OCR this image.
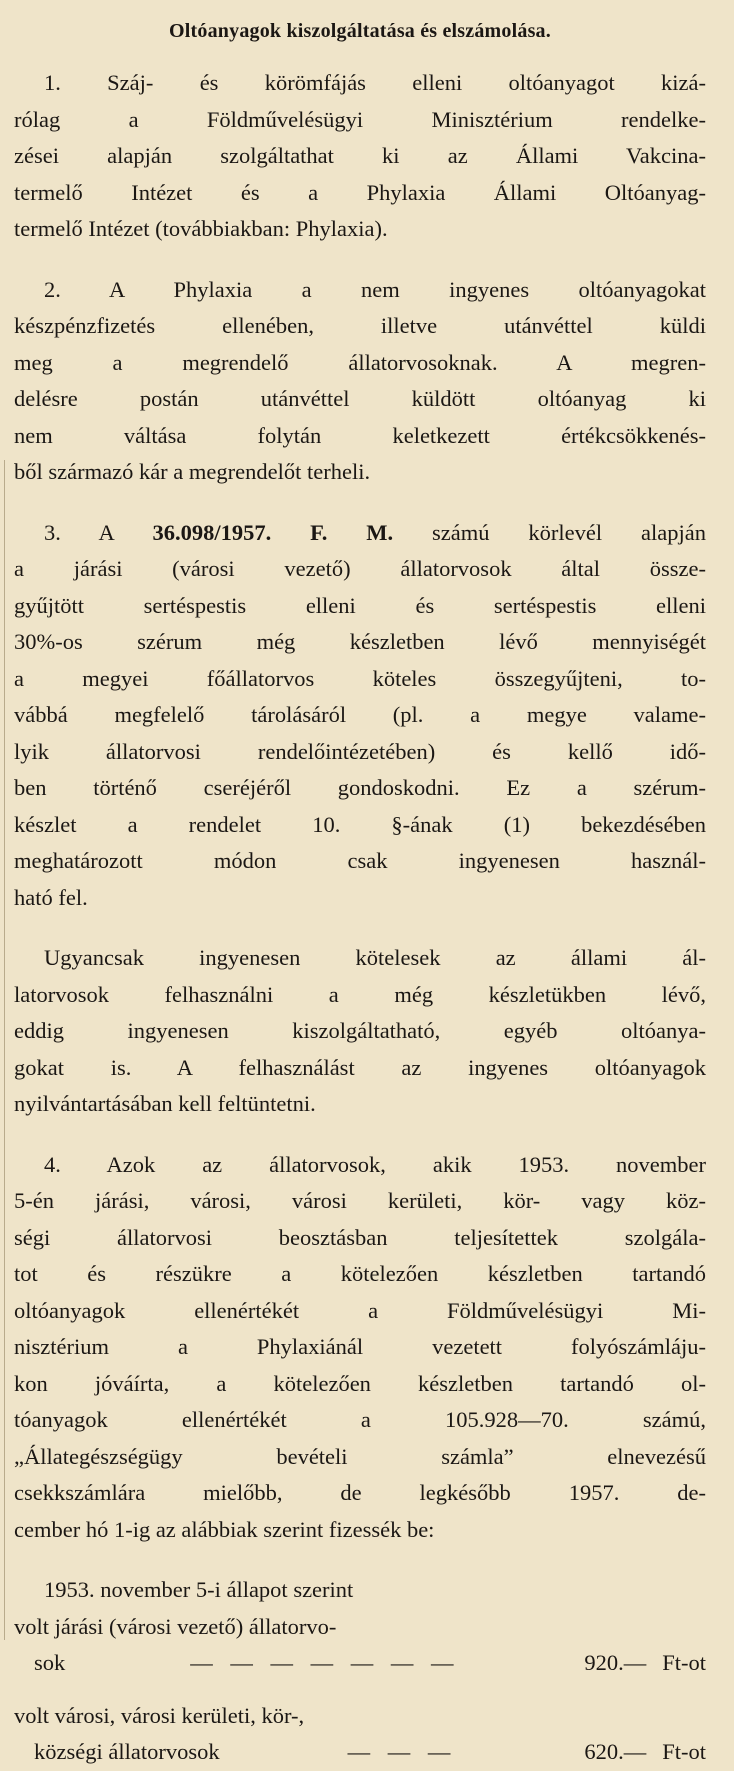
Oltóanyagok kiszolgáltatása és elszámolása.
1. Száj- és körömfájás elleni oltóanyagot kizá-
rólag a Földművelésügyi Minisztérium rendelke-
zései alapján szolgáltathat ki az Állami Vakcina-
termelő Intézet és a Phylaxia Állami Oltóanyag-
termelő Intézet (továbbiakban: Phylaxia).
2. A Phylaxia a nem ingyenes oltóanyagokat
készpénzfizetés ellenében, illetve utánvéttel küldi
meg a megrendelő állatorvosoknak. A megren-
delésre postán utánvéttel küldött oltóanyag ki
nem váltása folytán keletkezett értékcsökkenés-
ből származó kár a megrendelőt terheli.
3. A 36.098/1957. F. M. számú körlevél alapján
a járási (városi vezető) állatorvosok által össze-
gyűjtött sertéspestis elleni és sertéspestis elleni
30%-os szérum még készletben lévő mennyiségét
a megyei főállatorvos köteles összegyűjteni, to-
vábbá megfelelő tárolásáról (pl. a megye valame-
lyik állatorvosi rendelőintézetében) és kellő idő-
ben történő cseréjéről gondoskodni. Ez a szérum-
készlet a rendelet 10. §-ának (1) bekezdésében
meghatározott módon csak ingyenesen használ-
ható fel.
Ugyancsak ingyenesen kötelesek az állami ál-
latorvosok felhasználni a még készletükben lévő,
eddig ingyenesen kiszolgáltatható, egyéb oltóanya-
gokat is. A felhasználást az ingyenes oltóanyagok
nyilvántartásában kell feltüntetni.
4. Azok az állatorvosok, akik 1953. november
5-én járási, városi, városi kerületi, kör- vagy köz-
ségi állatorvosi beosztásban teljesítettek szolgála-
tot és részükre a kötelezően készletben tartandó
oltóanyagok ellenértékét a Földművelésügyi Mi-
nisztérium a Phylaxiánál vezetett folyószámláju-
kon jóváírta, a kötelezően készletben tartandó ol-
tóanyagok ellenértékét a 105.928—70. számú,
„Állategészségügy bevételi számla” elnevezésű
csekkszámlára mielőbb, de legkésőbb 1957. de-
cember hó 1-ig az alábbiak szerint fizessék be:
1953. november 5-i állapot szerint
volt járási (városi vezető) állatorvo-
sok	— — — — — — —	920.— Ft-ot
volt városi, városi kerületi, kör-,
községi állatorvosok	— — —	620.— Ft-ot
